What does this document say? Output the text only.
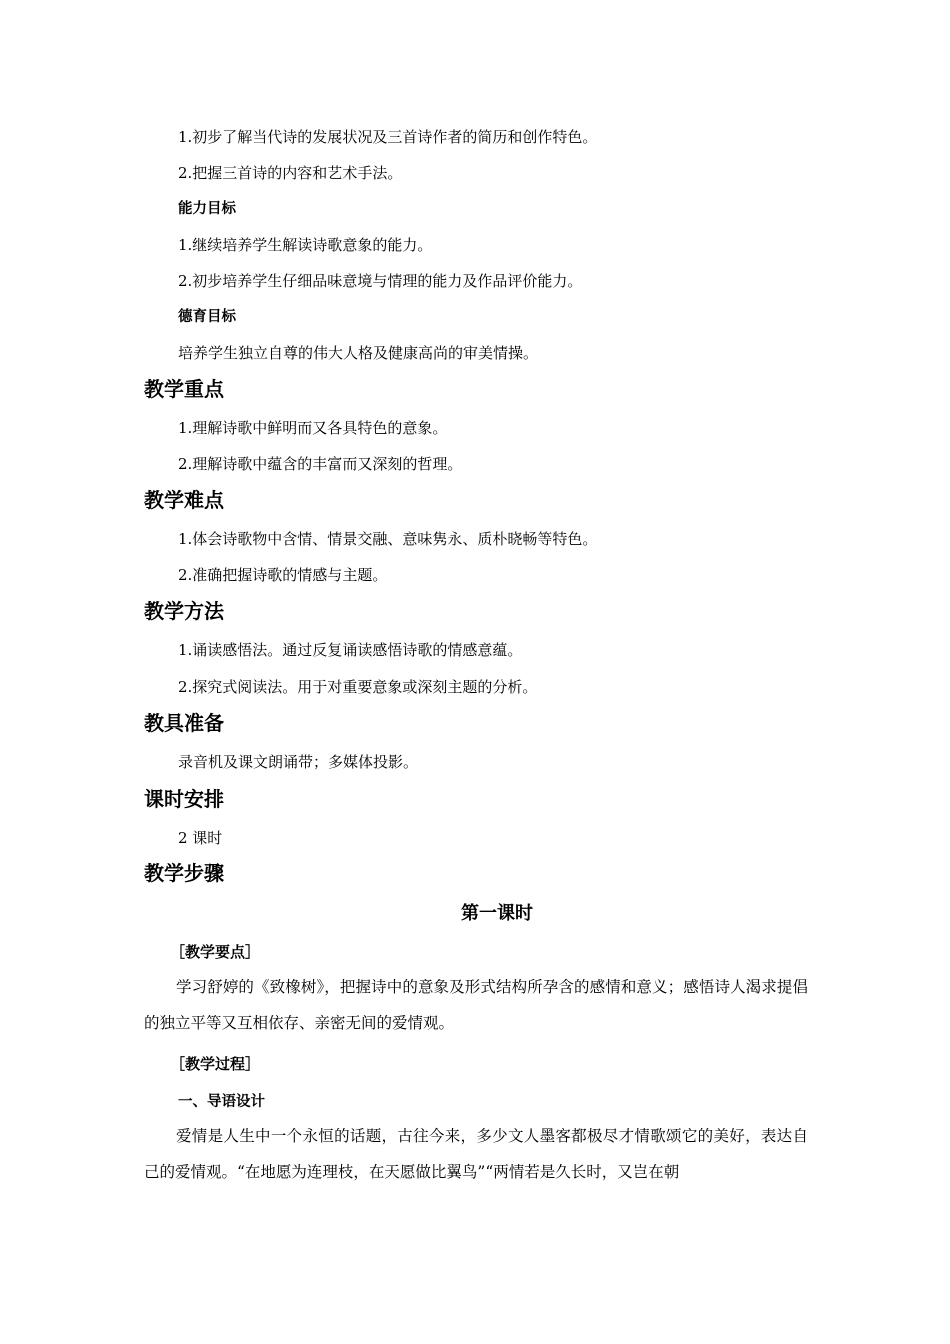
1.初步了解当代诗的发展状况及三首诗作者的简历和创作特色。
2.把握三首诗的内容和艺术手法。
能力目标
1.继续培养学生解读诗歌意象的能力。
2.初步培养学生仔细品味意境与情理的能力及作品评价能力。
德育目标
培养学生独立自尊的伟大人格及健康高尚的审美情操。
教学重点
1.理解诗歌中鲜明而又各具特色的意象。
2.理解诗歌中蕴含的丰富而又深刻的哲理。
教学难点
1.体会诗歌物中含情、情景交融、意味隽永、质朴晓畅等特色。
2.准确把握诗歌的情感与主题。
教学方法
1.诵读感悟法。通过反复诵读感悟诗歌的情感意蕴。
2.探究式阅读法。用于对重要意象或深刻主题的分析。
教具准备
录音机及课文朗诵带；多媒体投影。
课时安排
2 课时
教学步骤
第一课时
［教学要点］
学习舒婷的《致橡树》，把握诗中的意象及形式结构所孕含的感情和意义；感悟诗人渴求提倡的独立平等又互相依存、亲密无间的爱情观。
［教学过程］
一、导语设计
爱情是人生中一个永恒的话题，古往今来，多少文人墨客都极尽才情歌颂它的美好，表达自己的爱情观。“在地愿为连理枝，在天愿做比翼鸟”“两情若是久长时，又岂在朝
